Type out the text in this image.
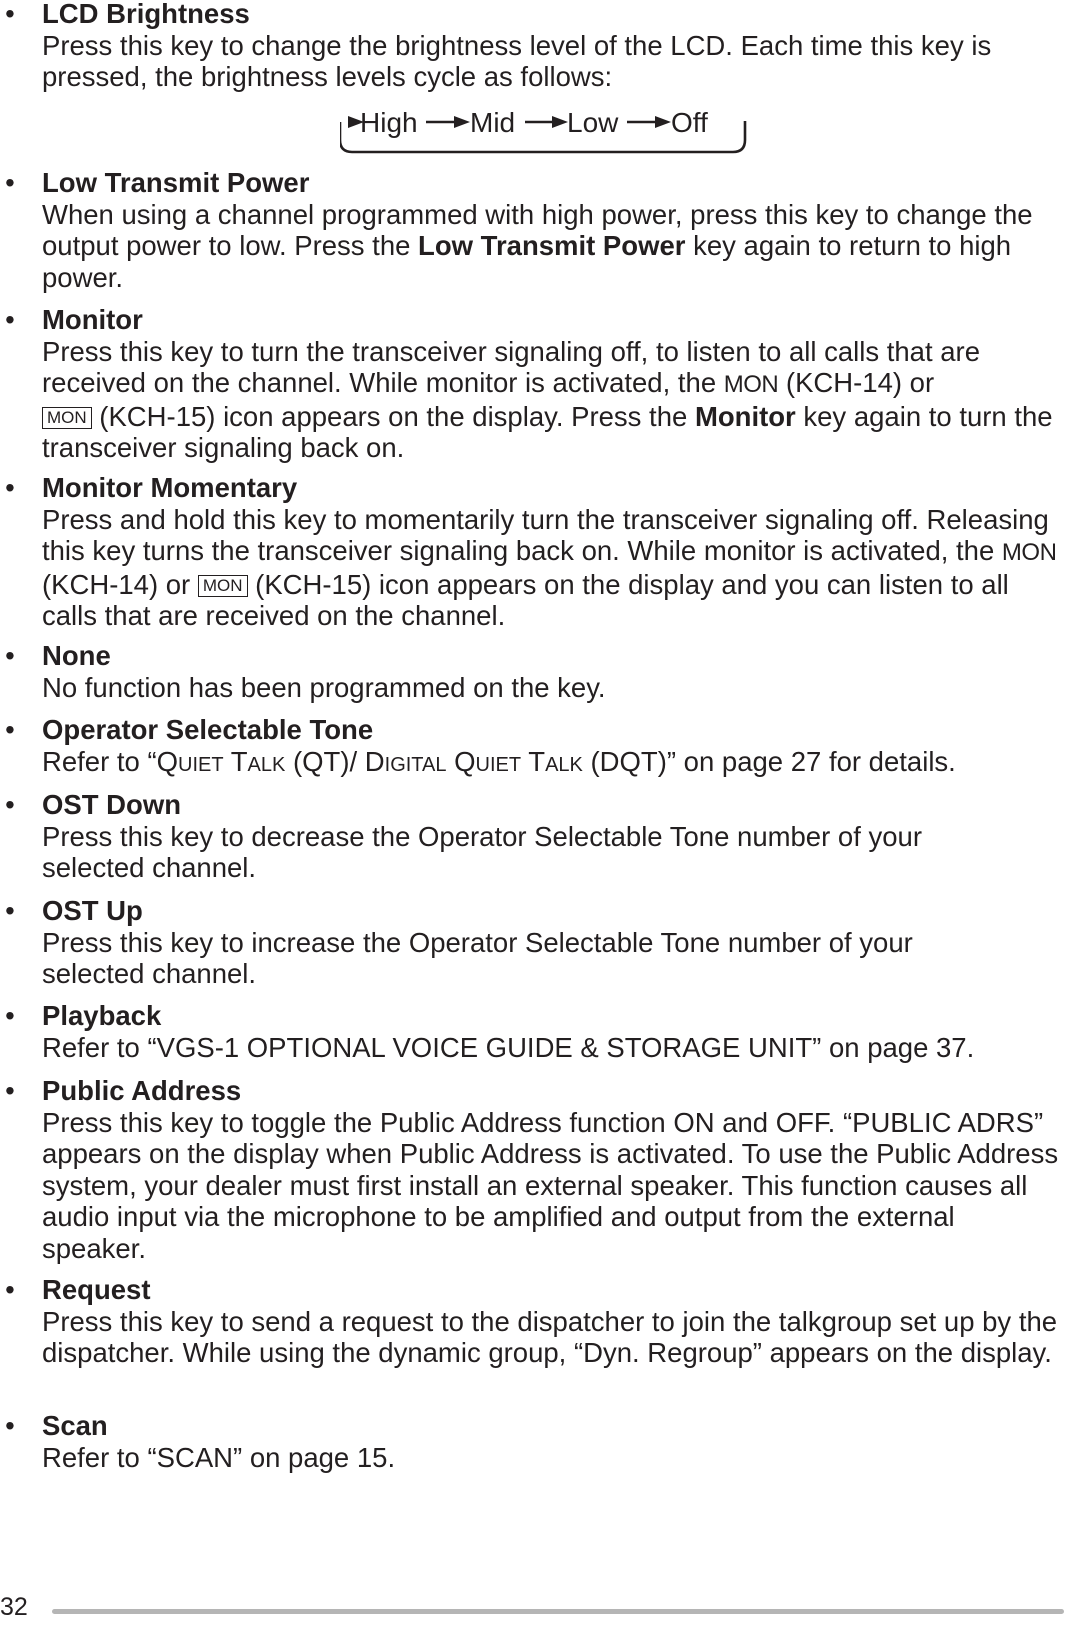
• LCD Brightness
Press this key to change the brightness level of the LCD. Each time this key is
pressed, the brightness levels cycle as follows:
High Mid Low Off
• Low Transmit Power
When using a channel programmed with high power, press this key to change the output power to low. Press the Low Transmit Power key again to return to high power.
• Monitor
Press this key to turn the transceiver signaling off, to listen to all calls that are received on the channel. While monitor is activated, the MON (KCH-14) or
MON (KCH-15) icon appears on the display. Press the Monitor key again to turn the transceiver signaling back on.
• Monitor Momentary
Press and hold this key to momentarily turn the transceiver signaling off. Releasing this key turns the transceiver signaling back on. While monitor is activated, the MON (KCH-14) or MON (KCH-15) icon appears on the display and you can listen to all calls that are received on the channel.
• None
No function has been programmed on the key.
• Operator Selectable Tone
Refer to “QUIET TALK (QT)/ DIGITAL QUIET TALK (DQT)” on page 27 for details.
• OST Down
Press this key to decrease the Operator Selectable Tone number of your selected channel.
• OST Up
Press this key to increase the Operator Selectable Tone number of your selected channel.
• Playback
Refer to “VGS-1 OPTIONAL VOICE GUIDE & STORAGE UNIT” on page 37.
• Public Address
Press this key to toggle the Public Address function ON and OFF. “PUBLIC ADRS” appears on the display when Public Address is activated. To use the Public Address system, your dealer must first install an external speaker. This function causes all audio input via the microphone to be amplified and output from the external speaker.
• Request
Press this key to send a request to the dispatcher to join the talkgroup set up by the dispatcher. While using the dynamic group, “Dyn. Regroup” appears on the display.
• Scan
Refer to “SCAN” on page 15.
32
